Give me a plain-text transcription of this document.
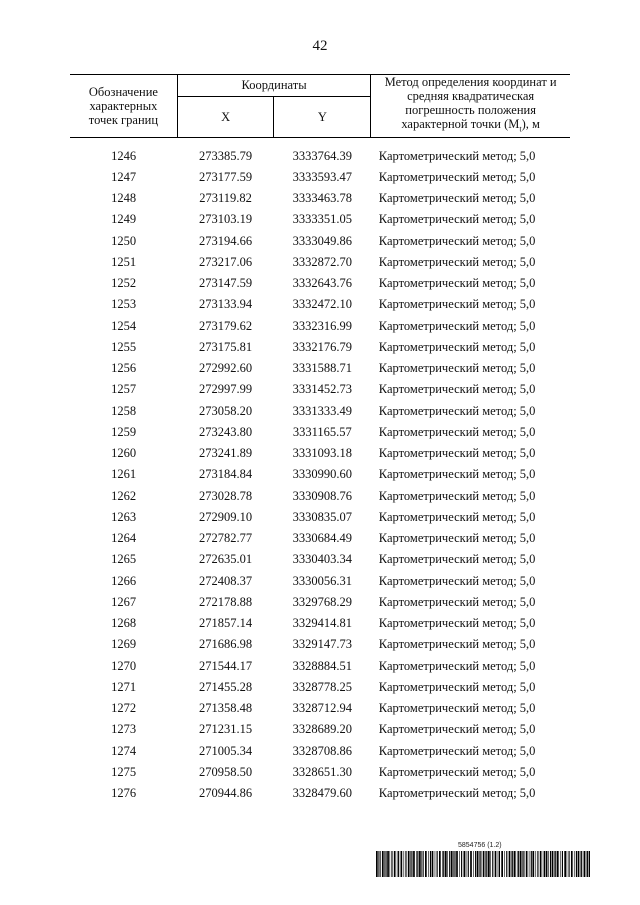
42
Обозначение характерных точек границ	Координаты		Метод определения координат и средняя квадратическая погрешность положения характерной точки $(M_t)$, м
	X	Y	

1246	273385.79	3333764.39	Картометрический метод; 5,0
1247	273177.59	3333593.47	Картометрический метод; 5,0
1248	273119.82	3333463.78	Картометрический метод; 5,0
1249	273103.19	3333351.05	Картометрический метод; 5,0
1250	273194.66	3333049.86	Картометрический метод; 5,0
1251	273217.06	3332872.70	Картометрический метод; 5,0
1252	273147.59	3332643.76	Картометрический метод; 5,0
1253	273133.94	3332472.10	Картометрический метод; 5,0
1254	273179.62	3332316.99	Картометрический метод; 5,0
1255	273175.81	3332176.79	Картометрический метод; 5,0
1256	272992.60	3331588.71	Картометрический метод; 5,0
1257	272997.99	3331452.73	Картометрический метод; 5,0
1258	273058.20	3331333.49	Картометрический метод; 5,0
1259	273243.80	3331165.57	Картометрический метод; 5,0
1260	273241.89	3331093.18	Картометрический метод; 5,0
1261	273184.84	3330990.60	Картометрический метод; 5,0
1262	273028.78	3330908.76	Картометрический метод; 5,0
1263	272909.10	3330835.07	Картометрический метод; 5,0
1264	272782.77	3330684.49	Картометрический метод; 5,0
1265	272635.01	3330403.34	Картометрический метод; 5,0
1266	272408.37	3330056.31	Картометрический метод; 5,0
1267	272178.88	3329768.29	Картометрический метод; 5,0
1268	271857.14	3329414.81	Картометрический метод; 5,0
1269	271686.98	3329147.73	Картометрический метод; 5,0
1270	271544.17	3328884.51	Картометрический метод; 5,0
1271	271455.28	3328778.25	Картометрический метод; 5,0
1272	271358.48	3328712.94	Картометрический метод; 5,0
1273	271231.15	3328689.20	Картометрический метод; 5,0
1274	271005.34	3328708.86	Картометрический метод; 5,0
1275	270958.50	3328651.30	Картометрический метод; 5,0
1276	270944.86	3328479.60	Картометрический метод; 5,0
5854756 (1.2)
